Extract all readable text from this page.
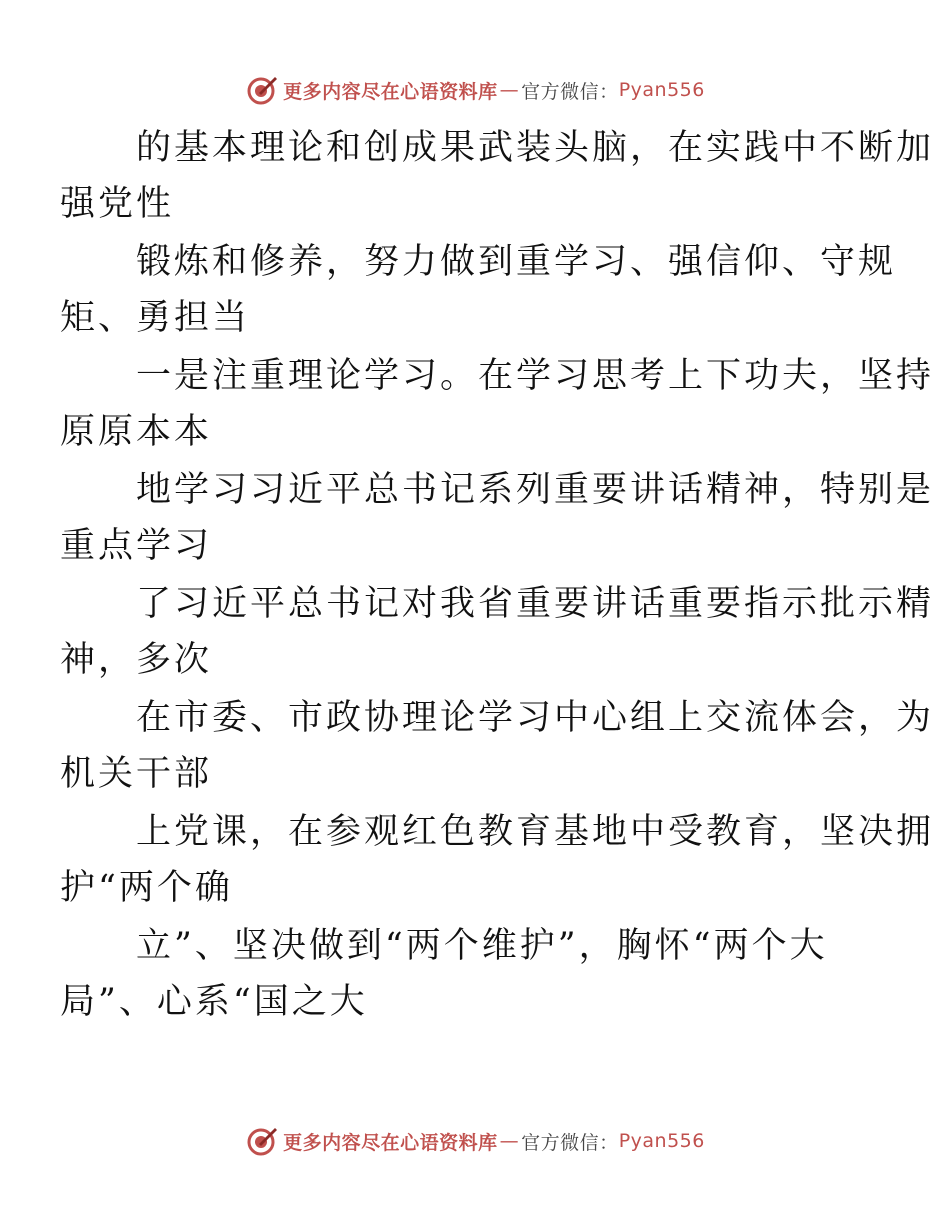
更多内容尽在心语资料库 — 官方微信： Pyan556

的基本理论和创成果武装头脑，在实践中不断加
强党性

锻炼和修养，努力做到重学习、强信仰、守规
矩、勇担当

一是注重理论学习。在学习思考上下功夫，坚持
原原本本

地学习习近平总书记系列重要讲话精神，特别是
重点学习

了习近平总书记对我省重要讲话重要指示批示精
神，多次

在市委、市政协理论学习中心组上交流体会，为
机关干部

上党课，在参观红色教育基地中受教育，坚决拥
护“两个确

立”、坚决做到“两个维护”，胸怀“两个大
局”、心系“国之大

更多内容尽在心语资料库 — 官方微信： Pyan556
